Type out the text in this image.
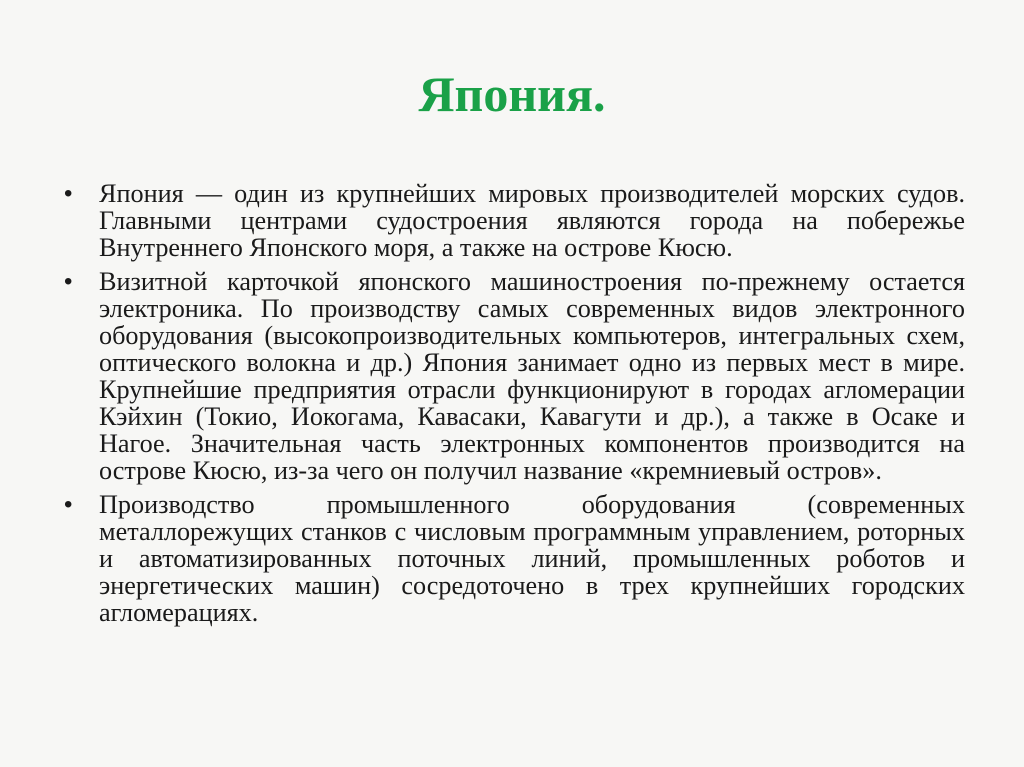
Япония.
• Япония — один из крупнейших мировых производителей морских судов. Главными центрами судостроения являются города на побережье Внутреннего Японского моря, а также на острове Кюсю.
• Визитной карточкой японского машиностроения по-прежнему остается электроника. По производству самых современных видов электронного оборудования (высокопроизводительных компьютеров, интегральных схем, оптического волокна и др.) Япония занимает одно из первых мест в мире. Крупнейшие предприятия отрасли функционируют в городах агломерации Кэйхин (Токио, Иокогама, Кавасаки, Кавагути и др.), а также в Осаке и Нагое. Значительная часть электронных компонентов производится на острове Кюсю, из-за чего он получил название «кремниевый остров».
• Производство промышленного оборудования (современных металлорежущих станков с числовым программным управлением, роторных и автоматизированных поточных линий, промышленных роботов и энергетических машин) сосредоточено в трех крупнейших городских агломерациях.
